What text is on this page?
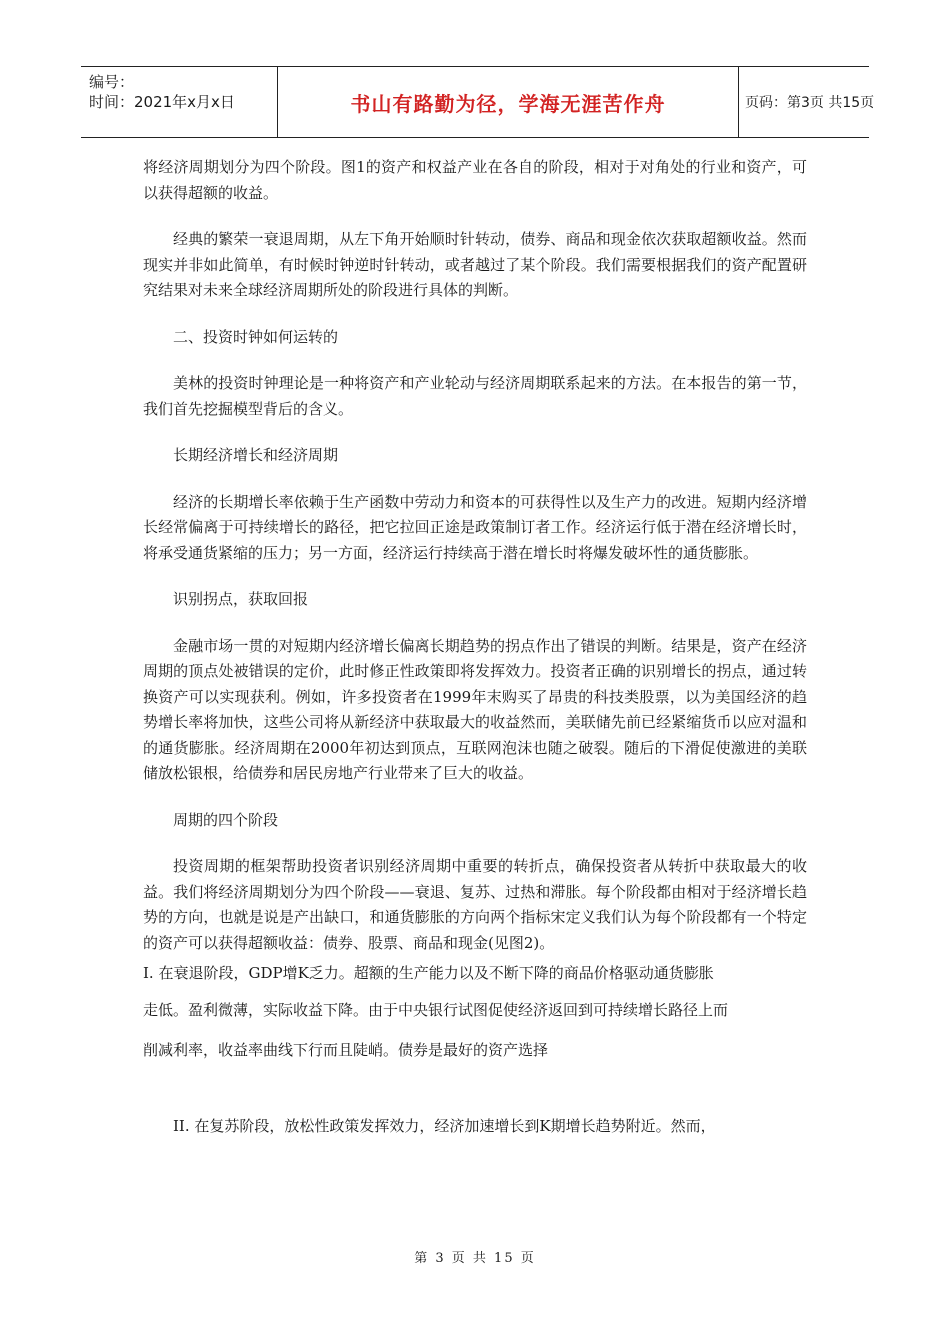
编号：
时间：2021年x月x日	书山有路勤为径，学海无涯苦作舟	页码：第3页 共15页

将经济周期划分为四个阶段。图1的资产和权益产业在各自的阶段，相对于对角处的行业和资产，可以获得超额的收益。

经典的繁荣一衰退周期，从左下角开始顺时针转动，债券、商品和现金依次获取超额收益。然而现实并非如此简单，有时候时钟逆时针转动，或者越过了某个阶段。我们需要根据我们的资产配置研究结果对未来全球经济周期所处的阶段进行具体的判断。

二、投资时钟如何运转的

美林的投资时钟理论是一种将资产和产业轮动与经济周期联系起来的方法。在本报告的第一节，我们首先挖掘模型背后的含义。

长期经济增长和经济周期

经济的长期增长率依赖于生产函数中劳动力和资本的可获得性以及生产力的改进。短期内经济增长经常偏离于可持续增长的路径，把它拉回正途是政策制订者工作。经济运行低于潜在经济增长时，将承受通货紧缩的压力；另一方面，经济运行持续高于潜在增长时将爆发破坏性的通货膨胀。

识别拐点，获取回报

金融市场一贯的对短期内经济增长偏离长期趋势的拐点作出了错误的判断。结果是，资产在经济周期的顶点处被错误的定价，此时修正性政策即将发挥效力。投资者正确的识别增长的拐点，通过转换资产可以实现获利。例如，许多投资者在1999年末购买了昂贵的科技类股票，以为美国经济的趋势增长率将加快，这些公司将从新经济中获取最大的收益然而，美联储先前已经紧缩货币以应对温和的通货膨胀。经济周期在2000年初达到顶点，互联网泡沫也随之破裂。随后的下滑促使激进的美联储放松银根，给债券和居民房地产行业带来了巨大的收益。

周期的四个阶段

投资周期的框架帮助投资者识别经济周期中重要的转折点，确保投资者从转折中获取最大的收益。我们将经济周期划分为四个阶段——衰退、复苏、过热和滞胀。每个阶段都由相对于经济增长趋势的方向，也就是说是产出缺口，和通货膨胀的方向两个指标宋定义我们认为每个阶段都有一个特定的资产可以获得超额收益：债券、股票、商品和现金(见图2)。

I. 在衰退阶段，GDP增K乏力。超额的生产能力以及不断下降的商品价格驱动通货膨胀

走低。盈利微薄，实际收益下降。由于中央银行试图促使经济返回到可持续增长路径上而

削减利率，收益率曲线下行而且陡峭。债券是最好的资产选择

II. 在复苏阶段，放松性政策发挥效力，经济加速增长到K期增长趋势附近。然而，

第 3 页 共 15 页
